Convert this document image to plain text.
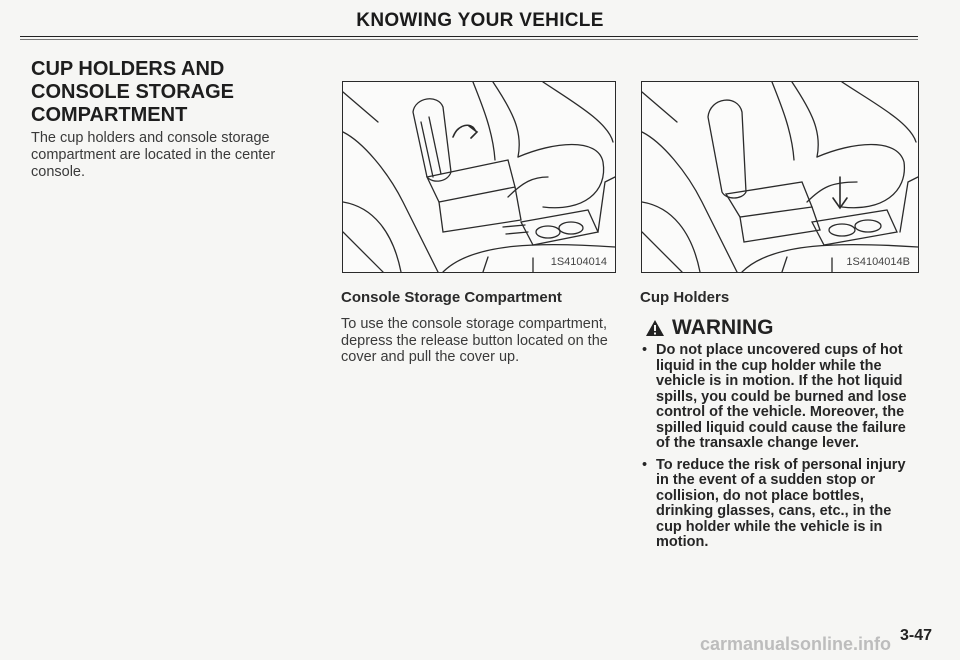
KNOWING YOUR VEHICLE
CUP HOLDERS AND
CONSOLE STORAGE
COMPARTMENT
The cup holders and console storage compartment are located in the center console.
1S4104014	1S4104014B
Console Storage Compartment	Cup Holders
To use the console storage compartment, depress the release button located on the cover and pull the cover up.
WARNING
• Do not place uncovered cups of hot liquid in the cup holder while the vehicle is in motion. If the hot liquid spills, you could be burned and lose control of the vehicle. Moreover, the spilled liquid could cause the failure of the transaxle change lever.
• To reduce the risk of personal injury in the event of a sudden stop or collision, do not place bottles, drinking glasses, cans, etc., in the cup holder while the vehicle is in motion.
carmanualsonline.info 3-47
